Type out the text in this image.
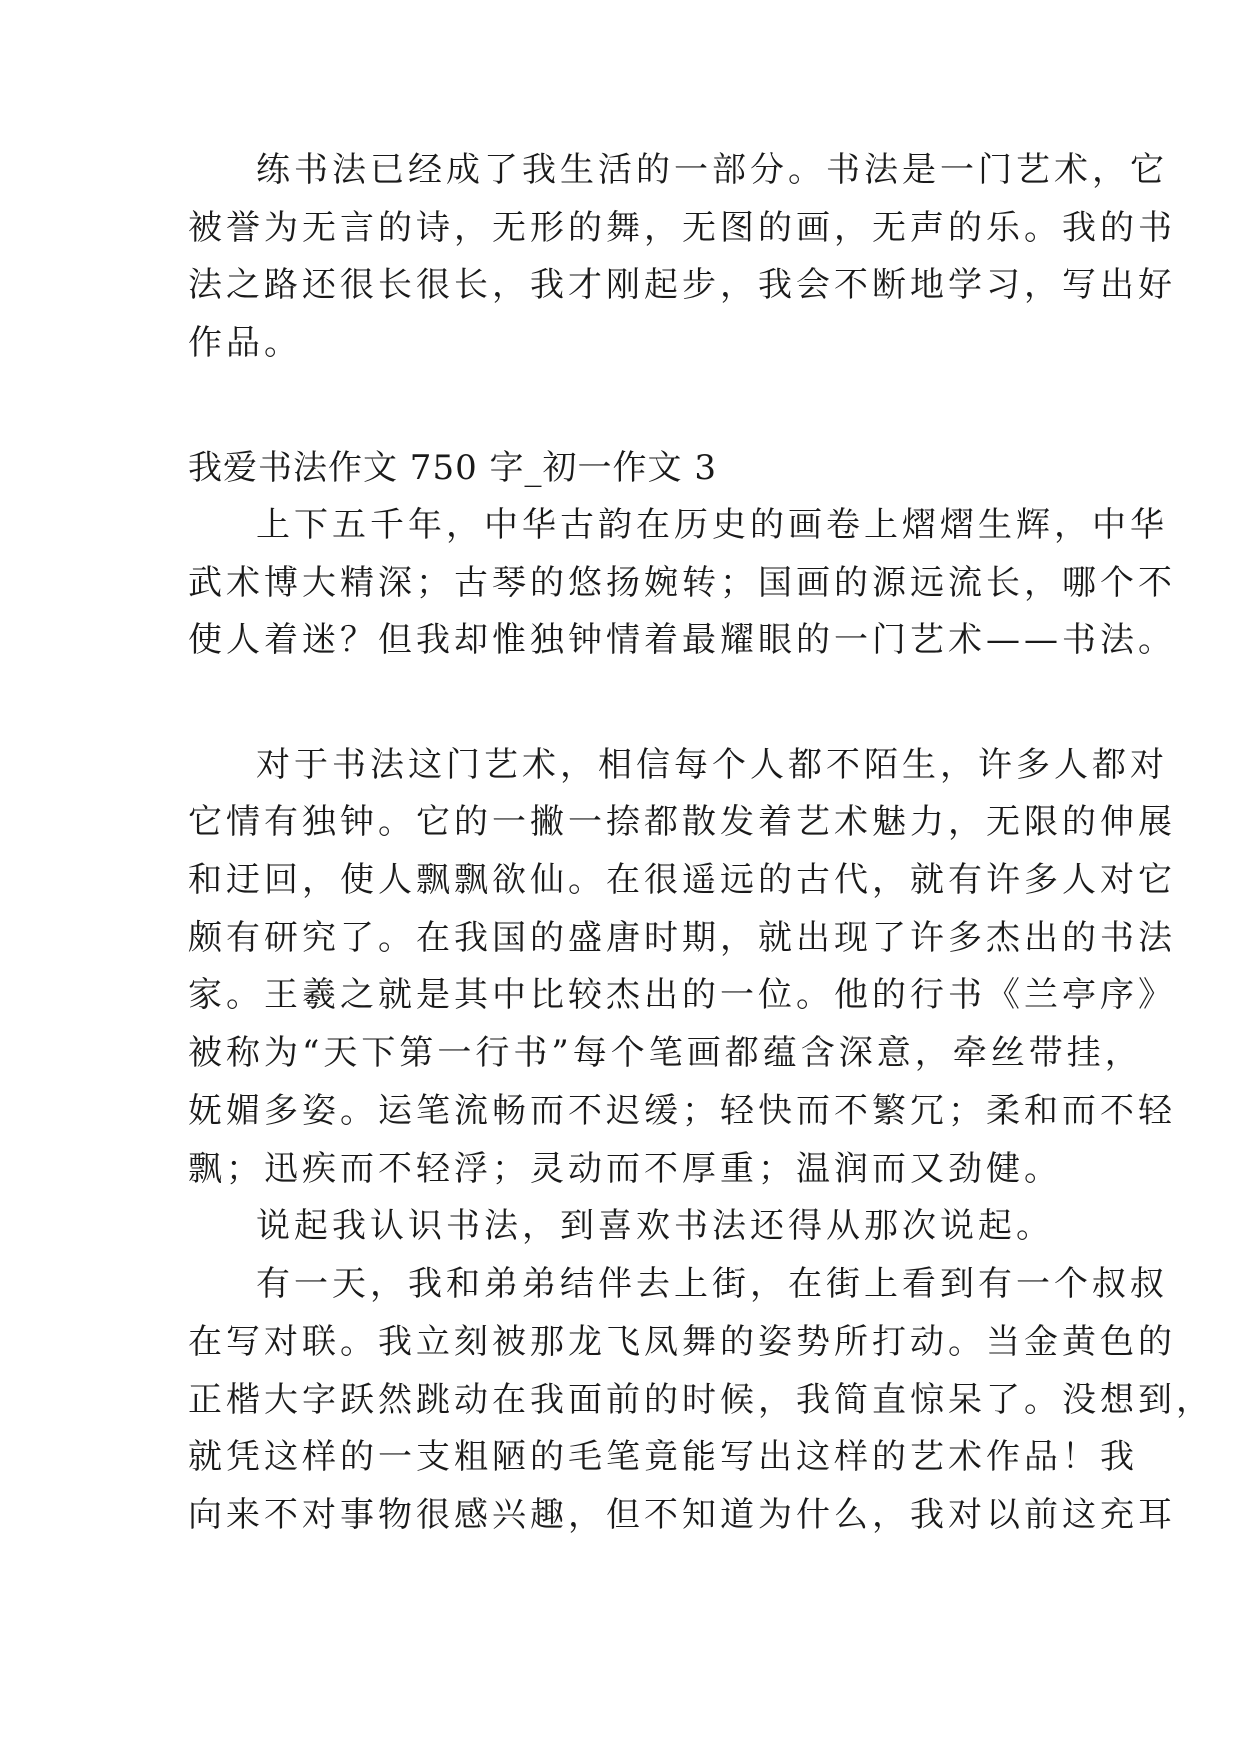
练书法已经成了我生活的一部分。书法是一门艺术，它
被誉为无言的诗，无形的舞，无图的画，无声的乐。我的书
法之路还很长很长，我才刚起步，我会不断地学习，写出好
作品。
我爱书法作文 750 字_初一作文 3
上下五千年，中华古韵在历史的画卷上熠熠生辉，中华
武术博大精深；古琴的悠扬婉转；国画的源远流长，哪个不
使人着迷？但我却惟独钟情着最耀眼的一门艺术——书法。
对于书法这门艺术，相信每个人都不陌生，许多人都对
它情有独钟。它的一撇一捺都散发着艺术魅力，无限的伸展
和迂回，使人飘飘欲仙。在很遥远的古代，就有许多人对它
颇有研究了。在我国的盛唐时期，就出现了许多杰出的书法
家。王羲之就是其中比较杰出的一位。他的行书《兰亭序》
被称为“天下第一行书”每个笔画都蕴含深意，牵丝带挂，
妩媚多姿。运笔流畅而不迟缓；轻快而不繁冗；柔和而不轻
飘；迅疾而不轻浮；灵动而不厚重；温润而又劲健。
说起我认识书法，到喜欢书法还得从那次说起。
有一天，我和弟弟结伴去上街，在街上看到有一个叔叔
在写对联。我立刻被那龙飞凤舞的姿势所打动。当金黄色的
正楷大字跃然跳动在我面前的时候，我简直惊呆了。没想到，
就凭这样的一支粗陋的毛笔竟能写出这样的艺术作品！我
向来不对事物很感兴趣，但不知道为什么，我对以前这充耳
